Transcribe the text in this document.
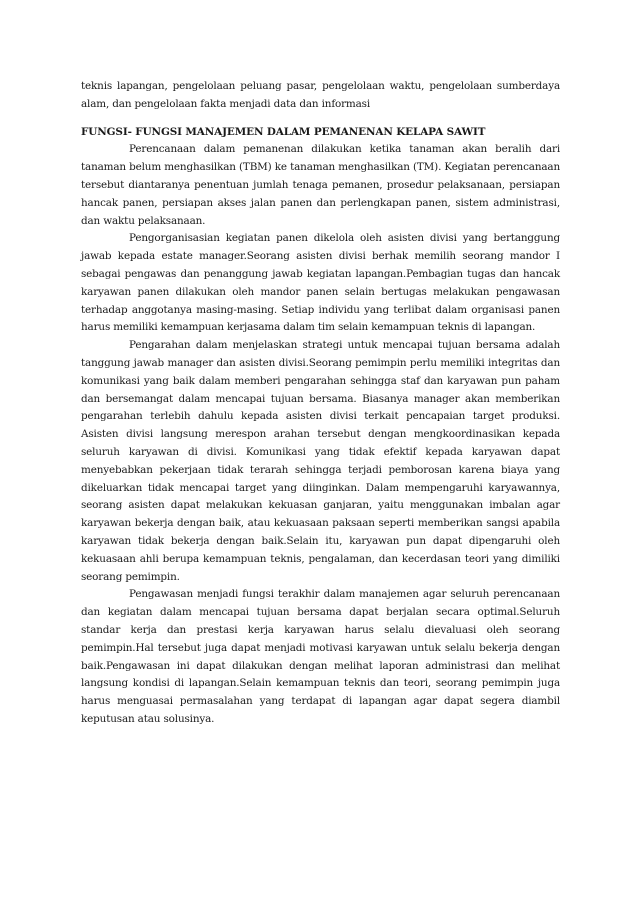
teknis lapangan, pengelolaan peluang pasar, pengelolaan waktu, pengelolaan sumberdaya alam, dan pengelolaan fakta menjadi data dan informasi

FUNGSI- FUNGSI MANAJEMEN DALAM PEMANENAN KELAPA SAWIT

Perencanaan dalam pemanenan dilakukan ketika tanaman akan beralih dari tanaman belum menghasilkan (TBM) ke tanaman menghasilkan (TM). Kegiatan perencanaan tersebut diantaranya penentuan jumlah tenaga pemanen, prosedur pelaksanaan, persiapan hancak panen, persiapan akses jalan panen dan perlengkapan panen, sistem administrasi, dan waktu pelaksanaan.

Pengorganisasian kegiatan panen dikelola oleh asisten divisi yang bertanggung jawab kepada estate manager.Seorang asisten divisi berhak memilih seorang mandor I sebagai pengawas dan penanggung jawab kegiatan lapangan.Pembagian tugas dan hancak karyawan panen dilakukan oleh mandor panen selain bertugas melakukan pengawasan terhadap anggotanya masing-masing. Setiap individu yang terlibat dalam organisasi panen harus memiliki kemampuan kerjasama dalam tim selain kemampuan teknis di lapangan.

Pengarahan dalam menjelaskan strategi untuk mencapai tujuan bersama adalah tanggung jawab manager dan asisten divisi.Seorang pemimpin perlu memiliki integritas dan komunikasi yang baik dalam memberi pengarahan sehingga staf dan karyawan pun paham dan bersemangat dalam mencapai tujuan bersama. Biasanya manager akan memberikan pengarahan terlebih dahulu kepada asisten divisi terkait pencapaian target produksi. Asisten divisi langsung merespon arahan tersebut dengan mengkoordinasikan kepada seluruh karyawan di divisi. Komunikasi yang tidak efektif kepada karyawan dapat menyebabkan pekerjaan tidak terarah sehingga terjadi pemborosan karena biaya yang dikeluarkan tidak mencapai target yang diinginkan. Dalam mempengaruhi karyawannya, seorang asisten dapat melakukan kekuasan ganjaran, yaitu menggunakan imbalan agar karyawan bekerja dengan baik, atau kekuasaan paksaan seperti memberikan sangsi apabila karyawan tidak bekerja dengan baik.Selain itu, karyawan pun dapat dipengaruhi oleh kekuasaan ahli berupa kemampuan teknis, pengalaman, dan kecerdasan teori yang dimiliki seorang pemimpin.

Pengawasan menjadi fungsi terakhir dalam manajemen agar seluruh perencanaan dan kegiatan dalam mencapai tujuan bersama dapat berjalan secara optimal.Seluruh standar kerja dan prestasi kerja karyawan harus selalu dievaluasi oleh seorang pemimpin.Hal tersebut juga dapat menjadi motivasi karyawan untuk selalu bekerja dengan baik.Pengawasan ini dapat dilakukan dengan melihat laporan administrasi dan melihat langsung kondisi di lapangan.Selain kemampuan teknis dan teori, seorang pemimpin juga harus menguasai permasalahan yang terdapat di lapangan agar dapat segera diambil keputusan atau solusinya.
